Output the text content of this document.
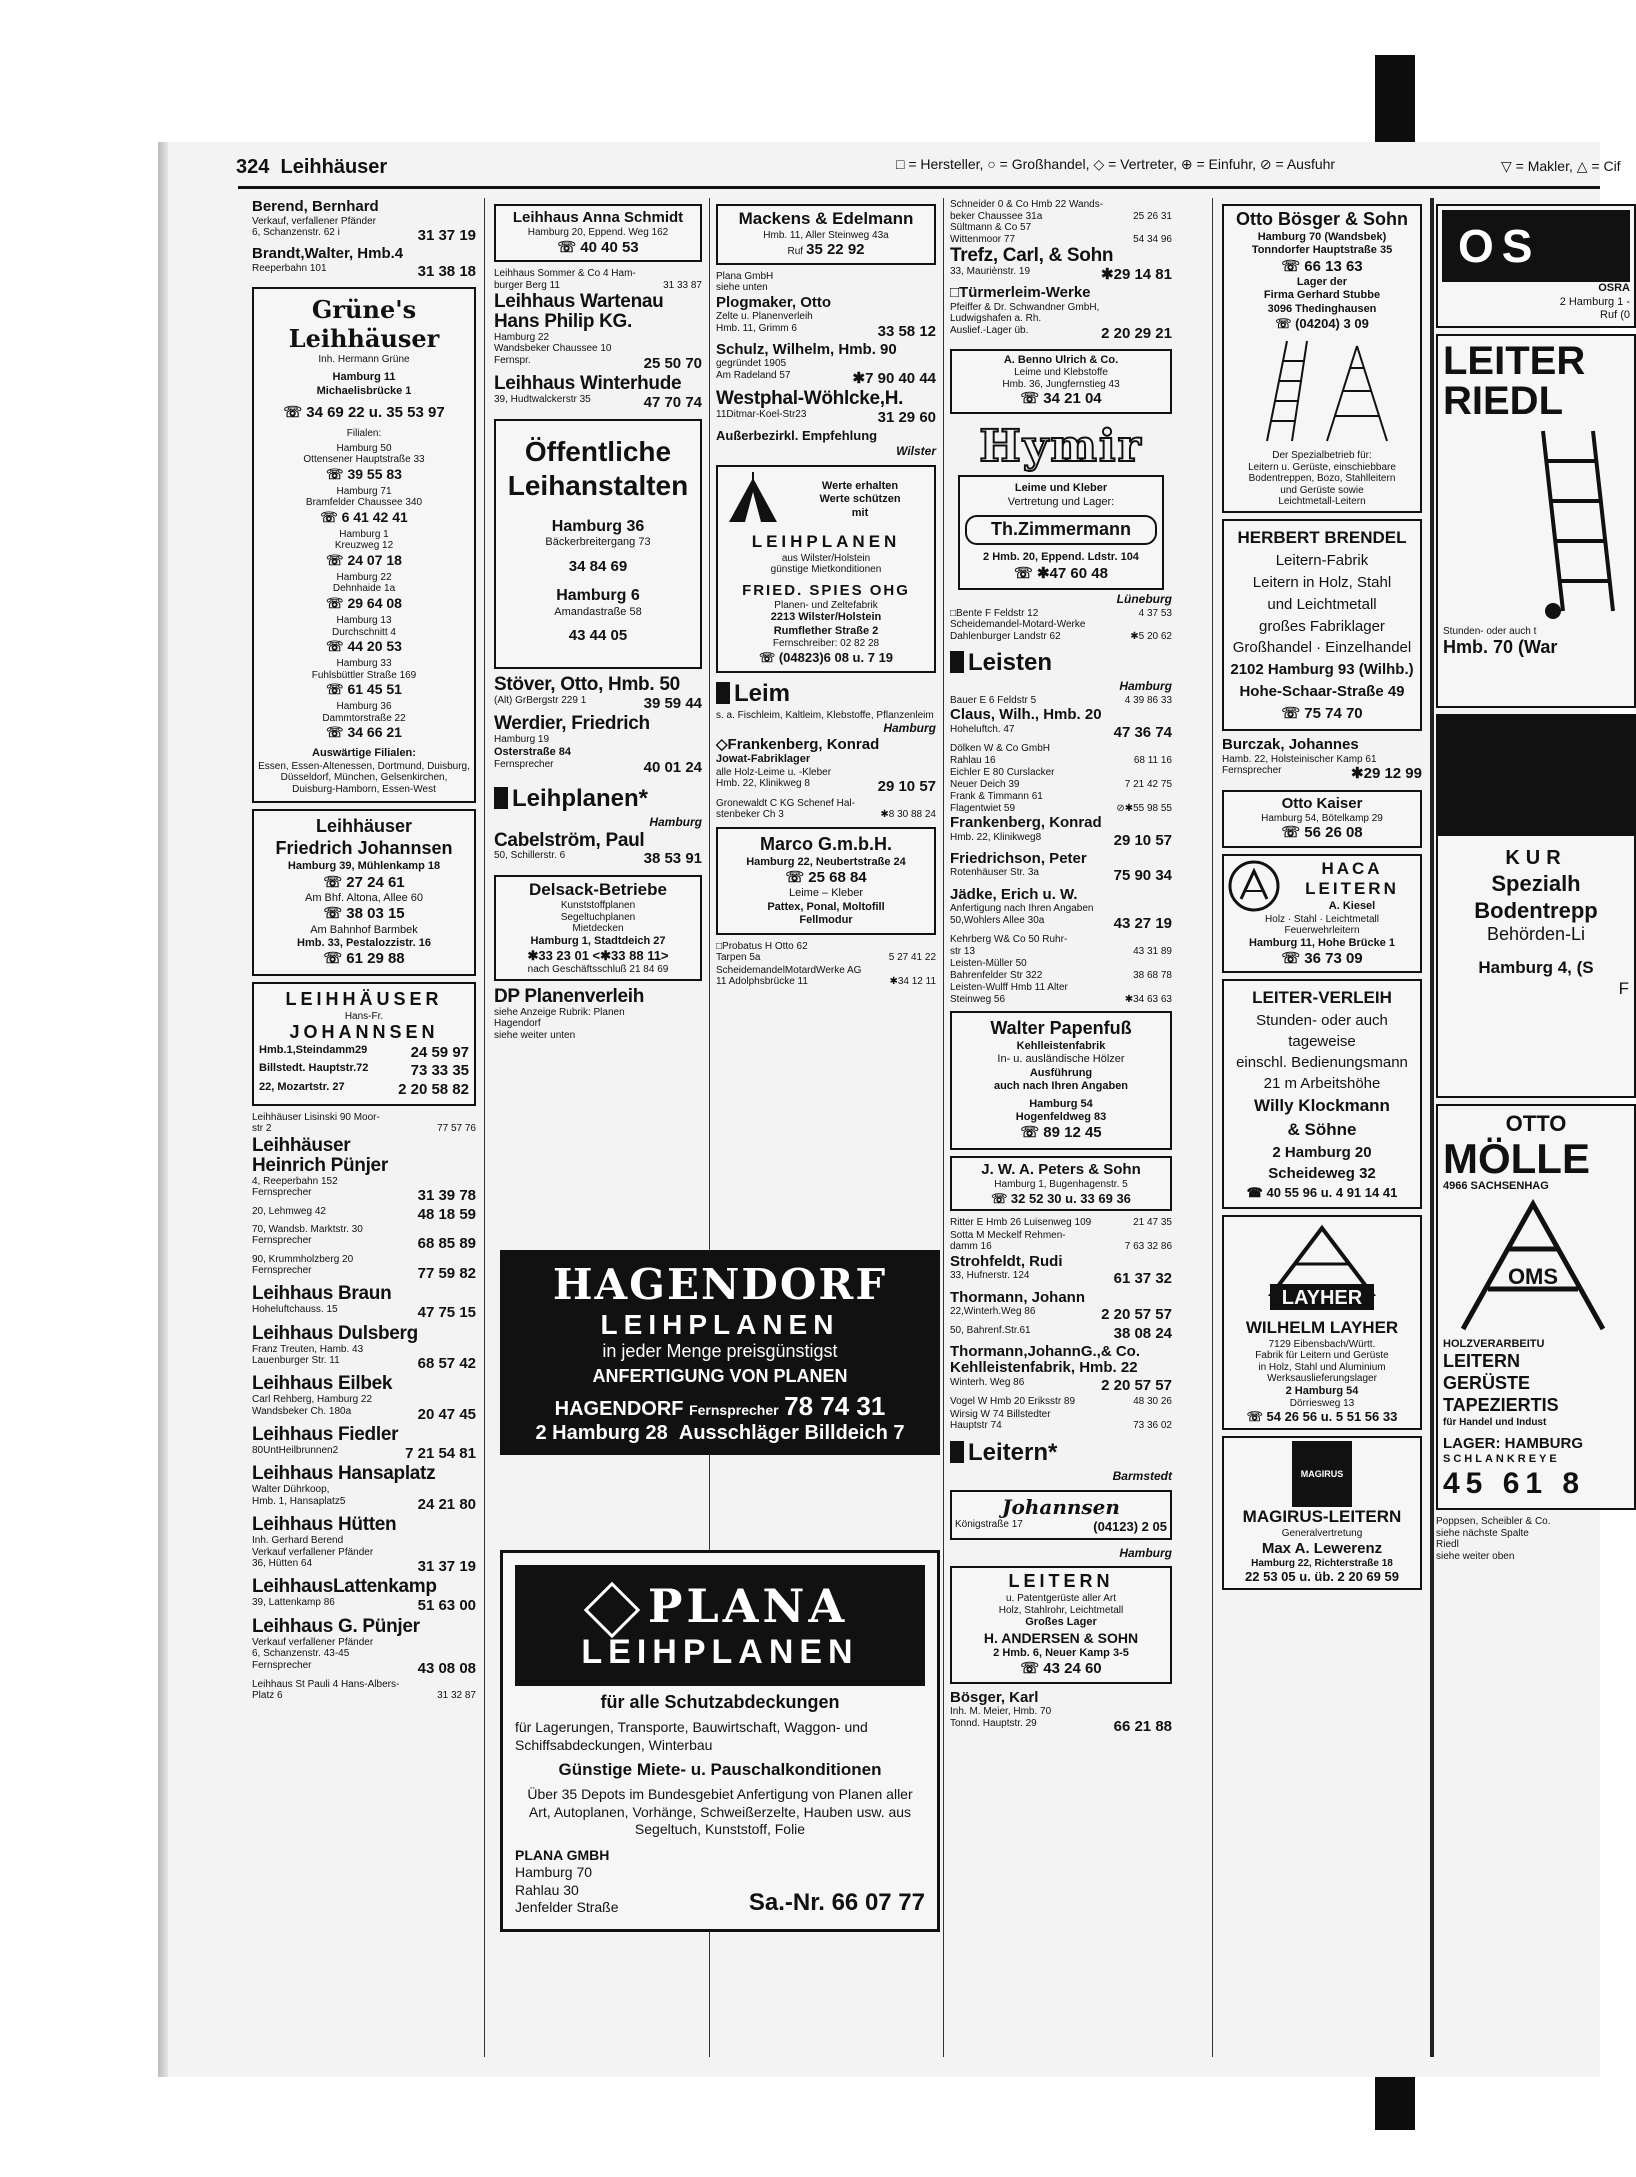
324 Leihhäuser	□ = Hersteller, ○ = Großhandel, ◇ = Vertreter, ⊕ = Einfuhr, ⊘ = Ausfuhr	▽ = Makler, △ = Cif
Berend, Bernhard
Verkauf, verfallener Pfänder
6, Schanzenstr. 62 i	31 37 19
Brandt,Walter, Hmb.4
Reeperbahn 101	31 38 18
Grüne's
Leihhäuser
Inh. Hermann Grüne
Hamburg 11
Michaelisbrücke 1
☏ 34 69 22 u. 35 53 97
Filialen:
Hamburg 50
Ottensener Hauptstraße 33
☏ 39 55 83
Hamburg 71
Bramfelder Chaussee 340
☏ 6 41 42 41
Hamburg 1
Kreuzweg 12
☏ 24 07 18
Hamburg 22
Dehnhaide 1a
☏ 29 64 08
Hamburg 13
Durchschnitt 4
☏ 44 20 53
Hamburg 33
Fuhlsbüttler Straße 169
☏ 61 45 51
Hamburg 36
Dammtorstraße 22
☏ 34 66 21
Auswärtige Filialen:
Essen, Essen-Altenessen, Dortmund, Duisburg, Düsseldorf, München, Gelsenkirchen, Duisburg-Hamborn, Essen-West
Leihhäuser
Friedrich Johannsen
Hamburg 39, Mühlenkamp 18
☏ 27 24 61
Am Bhf. Altona, Allee 60
☏ 38 03 15
Am Bahnhof Barmbek
Hmb. 33, Pestalozzistr. 16
☏ 61 29 88
LEIHHÄUSER
Hans-Fr.
JOHANNSEN
Hmb.1,Steindamm29	24 59 97
Billstedt. Hauptstr.72	73 33 35
22, Mozartstr. 27	2 20 58 82
Leihhäuser Lisinski 90 Moor-
str 2	77 57 76
Leihhäuser
Heinrich Pünjer
4, Reeperbahn 152
Fernsprecher	31 39 78
20, Lehmweg 42	48 18 59
70, Wandsb. Marktstr. 30
Fernsprecher	68 85 89
90, Krummholzberg 20
Fernsprecher	77 59 82
Leihhaus Braun
Hoheluftchauss. 15	47 75 15
Leihhaus Dulsberg
Franz Treuten, Hamb. 43
Lauenburger Str. 11	68 57 42
Leihhaus Eilbek
Carl Rehberg, Hamburg 22
Wandsbeker Ch. 180a	20 47 45
Leihhaus Fiedler
80UntHeilbrunnen2	7 21 54 81
Leihhaus Hansaplatz
Walter Dührkoop,
Hmb. 1, Hansaplatz5	24 21 80
Leihhaus Hütten
Inh. Gerhard Berend
Verkauf verfallener Pfänder
36, Hütten 64	31 37 19
LeihhausLattenkamp
39, Lattenkamp 86	51 63 00
Leihhaus G. Pünjer
Verkauf verfallener Pfänder
6, Schanzenstr. 43-45
Fernsprecher	43 08 08
Leihhaus St Pauli 4 Hans-Albers-
Platz 6	31 32 87
Leihhaus Anna Schmidt
Hamburg 20, Eppend. Weg 162
☏ 40 40 53
Leihhaus Sommer & Co 4 Ham-
burger Berg 11	31 33 87
Leihhaus Wartenau
Hans Philip KG.
Hamburg 22
Wandsbeker Chaussee 10
Fernspr.	25 50 70
Leihhaus Winterhude
39, Hudtwalckerstr 35	47 70 74
Öffentliche
Leihanstalten
Hamburg 36
Bäckerbreitergang 73
34 84 69
Hamburg 6
Amandastraße 58
43 44 05
Stöver, Otto, Hmb. 50
(Alt) GrBergstr 229 1	39 59 44
Werdier, Friedrich
Hamburg 19
Osterstraße 84
Fernsprecher	40 01 24
Leihplanen*
Hamburg
Cabelström, Paul
50, Schillerstr. 6	38 53 91
Delsack-Betriebe
Kunststoffplanen
Segeltuchplanen
Mietdecken
Hamburg 1, Stadtdeich 27
✱33 23 01 <✱33 88 11>
nach Geschäftsschluß 21 84 69
DP Planenverleih
siehe Anzeige Rubrik: Planen
Hagendorf
siehe weiter unten
HAGENDORF
LEIHPLANEN
in jeder Menge preisgünstigst
ANFERTIGUNG VON PLANEN
HAGENDORF Fernsprecher 78 74 31
2 Hamburg 28 Ausschläger Billdeich 7
PLANA
LEIHPLANEN
für alle Schutzabdeckungen
für Lagerungen, Transporte, Bauwirtschaft, Waggon- und Schiffsabdeckungen, Winterbau
Günstige Miete- u. Pauschalkonditionen
Über 35 Depots im Bundesgebiet Anfertigung von Planen aller Art, Autoplanen, Vorhänge, Schweißerzelte, Hauben usw. aus Segeltuch, Kunststoff, Folie
PLANA GMBH
Hamburg 70
Rahlau 30
Jenfelder Straße	Sa.-Nr. 66 07 77
Mackens & Edelmann
Hmb. 11, Aller Steinweg 43a
Ruf 35 22 92
Plana GmbH
siehe unten
Plogmaker, Otto
Zelte u. Planenverleih
Hmb. 11, Grimm 6	33 58 12
Schulz, Wilhelm, Hmb. 90
gegründet 1905
Am Radeland 57	✱7 90 40 44
Westphal-Wöhlcke,H.
11Ditmar-Koel-Str23	31 29 60
Außerbezirkl. Empfehlung
Wilster
Werte erhalten
Werte schützen
mit
LEIHPLANEN
aus Wilster/Holstein
günstige Mietkonditionen
FRIED. SPIES OHG
Planen- und Zeltefabrik
2213 Wilster/Holstein
Rumflether Straße 2
Fernschreiber: 02 82 28
☏ (04823)6 08 u. 7 19
Leim
s. a. Fischleim, Kaltleim, Klebstoffe, Pflanzenleim
Hamburg
◇Frankenberg, Konrad
Jowat-Fabriklager
alle Holz-Leime u. -Kleber
Hmb. 22, Klinikweg 8	29 10 57
Gronewaldt C KG Schenef Hal-
stenbeker Ch 3	✱8 30 88 24
Marco G.m.b.H.
Hamburg 22, Neubertstraße 24
☏ 25 68 84
Leime – Kleber
Pattex, Ponal, Moltofill
Fellmodur
□Probatus H Otto 62
Tarpen 5a	5 27 41 22
ScheidemandelMotardWerke AG
11 Adolphsbrücke 11	✱34 12 11
Schneider 0 & Co Hmb 22 Wands-
beker Chaussee 31a	25 26 31
Sültmann & Co 57
Wittenmoor 77	54 34 96
Trefz, Carl, & Sohn
33, Mauriènstr. 19	✱29 14 81
□Türmerleim-Werke
Pfeiffer & Dr. Schwandner GmbH,
Ludwigshafen a. Rh.
Auslief.-Lager üb.	2 20 29 21
A. Benno Ulrich & Co.
Leime und Klebstoffe
Hmb. 36, Jungfernstieg 43
☏ 34 21 04
Hymir
Leime und Kleber
Vertretung und Lager:
Th.Zimmermann
2 Hmb. 20, Eppend. Ldstr. 104
☏ ✱47 60 48
Lüneburg
□Bente F Feldstr 12	4 37 53
Scheidemandel-Motard-Werke
Dahlenburger Landstr 62	✱5 20 62
Leisten
Hamburg
Bauer E 6 Feldstr 5	4 39 86 33
Claus, Wilh., Hmb. 20
Hoheluftch. 47	47 36 74
Dölken W & Co GmbH
Rahlau 16	68 11 16
Eichler E 80 Curslacker
Neuer Deich 39	7 21 42 75
Frank & Timmann 61
Flagentwiet 59	⊘✱55 98 55
Frankenberg, Konrad
Hmb. 22, Klinikweg8	29 10 57
Friedrichson, Peter
Rotenhäuser Str. 3a	75 90 34
Jädke, Erich u. W.
Anfertigung nach Ihren Angaben
50,Wohlers Allee 30a	43 27 19
Kehrberg W& Co 50 Ruhr-
str 13	43 31 89
Leisten-Müller 50
Bahrenfelder Str 322	38 68 78
Leisten-Wulff Hmb 11 Alter
Steinweg 56	✱34 63 63
Walter Papenfuß
Kehlleistenfabrik
In- u. ausländische Hölzer
Ausführung
auch nach Ihren Angaben
Hamburg 54
Hogenfeldweg 83
☏ 89 12 45
J. W. A. Peters & Sohn
Hamburg 1, Bugenhagenstr. 5
☏ 32 52 30 u. 33 69 36
Ritter E Hmb 26 Luisenweg 109	21 47 35
Sotta M Meckelf Rehmen-
damm 16	7 63 32 86
Strohfeldt, Rudi
33, Hufnerstr. 124	61 37 32
Thormann, Johann
22,Winterh.Weg 86	2 20 57 57
50, Bahrenf.Str.61	38 08 24
Thormann,JohannG.,& Co.
Kehlleistenfabrik, Hmb. 22
Winterh. Weg 86	2 20 57 57
Vogel W Hmb 20 Eriksstr 89	48 30 26
Wirsig W 74 Billstedter
Hauptstr 74	73 36 02
Leitern*
Barmstedt
Johannsen
Königstraße 17	(04123) 2 05
Hamburg
LEITERN
u. Patentgerüste aller Art
Holz, Stahlrohr, Leichtmetall
Großes Lager
H. ANDERSEN & SOHN
2 Hmb. 6, Neuer Kamp 3-5
☏ 43 24 60
Bösger, Karl
Inh. M. Meier, Hmb. 70
Tonnd. Hauptstr. 29	66 21 88
Otto Bösger & Sohn
Hamburg 70 (Wandsbek)
Tonndorfer Hauptstraße 35
☏ 66 13 63
Lager der
Firma Gerhard Stubbe
3096 Thedinghausen
☏ (04204) 3 09
Der Spezialbetrieb für:
Leitern u. Gerüste, einschiebbare
Bodentreppen, Bozo, Stahlleitern
und Gerüste sowie
Leichtmetall-Leitern
HERBERT BRENDEL
Leitern-Fabrik
Leitern in Holz, Stahl
und Leichtmetall
großes Fabriklager
Großhandel · Einzelhandel
2102 Hamburg 93 (Wilhb.)
Hohe-Schaar-Straße 49
☏ 75 74 70
Burczak, Johannes
Hamb. 22, Holsteinischer Kamp 61
Fernsprecher	✱29 12 99
Otto Kaiser
Hamburg 54, Bötelkamp 29
☏ 56 26 08
HACA
LEITERN
A. Kiesel
Holz · Stahl · Leichtmetall
Feuerwehrleitern
Hamburg 11, Hohe Brücke 1
☏ 36 73 09
LEITER-VERLEIH
Stunden- oder auch
tageweise
einschl. Bedienungsmann
21 m Arbeitshöhe
Willy Klockmann
& Söhne
2 Hamburg 20
Scheideweg 32
☎ 40 55 96 u. 4 91 14 41
LAYHER
WILHELM LAYHER
7129 Eibensbach/Württ.
Fabrik für Leitern und Gerüste
in Holz, Stahl und Aluminium
Werksauslieferungslager
2 Hamburg 54
Dörriesweg 13
☏ 54 26 56 u. 5 51 56 33
MAGIRUS
MAGIRUS-LEITERN
Generalvertretung
Max A. Lewerenz
Hamburg 22, Richterstraße 18
22 53 05 u. üb. 2 20 69 59
OS
OSRA
2 Hamburg 1 -
Ruf (0
LEITER
RIEDL
Stunden- oder auch t
Hmb. 70 (War
KUR
Spezialh
Bodentrepp
Behörden-Li
Hamburg 4, (S
F
OTTO
MÖLLE
4966 SACHSENHAG
OMS
HOLZVERARBEITU
LEITERN
GERÜSTE
TAPEZIERTIS
für Handel und Indust
LAGER: HAMBURG
SCHLANKREYE
45 61 8
Poppsen, Scheibler & Co.
siehe nächste Spalte
Riedl
siehe weiter oben
